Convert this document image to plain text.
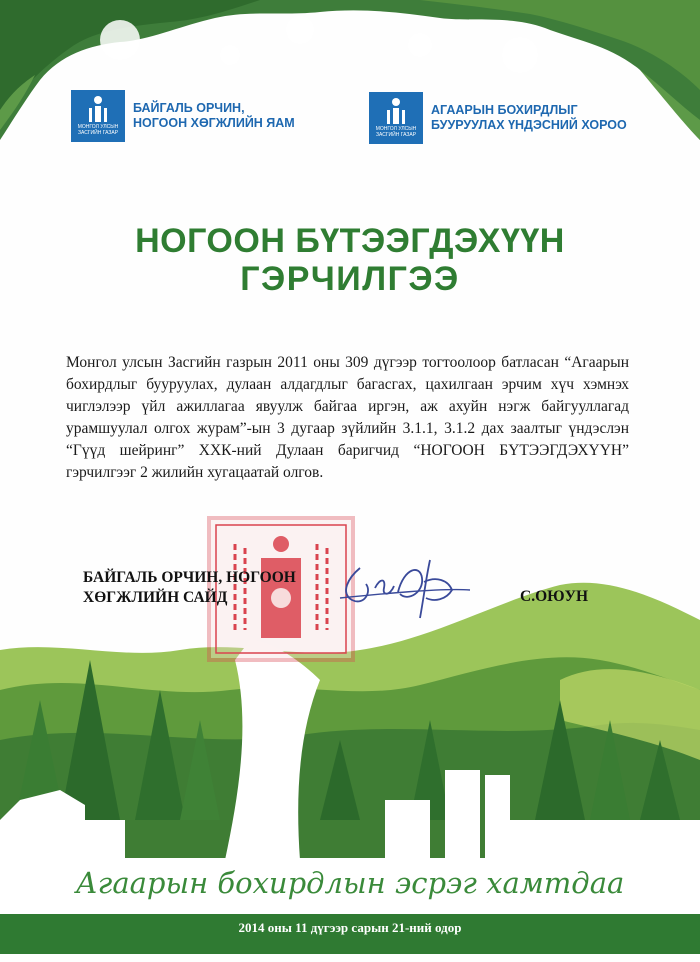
МОНГОЛ УЛСЫН
ЗАСГИЙН ГАЗАР
БАЙГАЛЬ ОРЧИН,
НОГООН ХӨГЖЛИЙН ЯАМ	МОНГОЛ УЛСЫН
ЗАСГИЙН ГАЗАР
АГААРЫН БОХИРДЛЫГ
БУУРУУЛАХ ҮНДЭСНИЙ ХОРОО
НОГООН БҮТЭЭГДЭХҮҮН
ГЭРЧИЛГЭЭ
Монгол улсын Засгийн газрын 2011 оны 309 дүгээр тогтоолоор батласан “Агаарын бохирдлыг бууруулах, дулаан алдагдлыг багасгах, цахилгаан эрчим хүч хэмнэх чиглэлээр үйл ажиллагаа явуулж байгаа иргэн, аж ахуйн нэгж байгууллагад урамшуулал олгох журам”-ын 3 дугаар зүйлийн 3.1.1, 3.1.2 дах заалтыг үндэслэн “Гүүд шейринг” ХХК-ний Дулаан баригчид “НОГООН БҮТЭЭГДЭХҮҮН” гэрчилгээг 2 жилийн хугацаатай олгов.
БАЙГАЛЬ ОРЧИН, НОГООН
ХӨГЖЛИЙН САЙД	С.ОЮУН
Агаарын бохирдлын эсрэг хамтдаа
2014 оны 11 дүгээр сарын 21-ний одор
